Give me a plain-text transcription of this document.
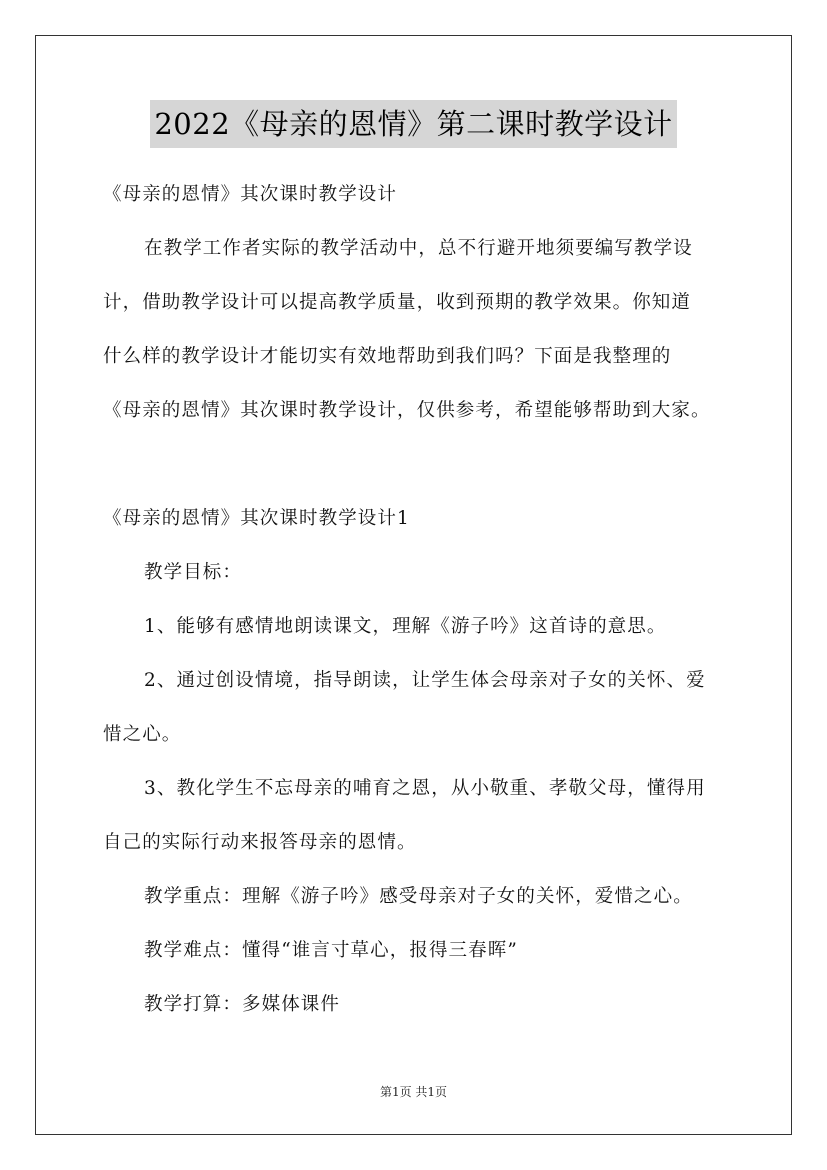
2022《母亲的恩情》第二课时教学设计
《母亲的恩情》其次课时教学设计
在教学工作者实际的教学活动中，总不行避开地须要编写教学设
计，借助教学设计可以提高教学质量，收到预期的教学效果。你知道
什么样的教学设计才能切实有效地帮助到我们吗？下面是我整理的
《母亲的恩情》其次课时教学设计，仅供参考，希望能够帮助到大家。
《母亲的恩情》其次课时教学设计1
教学目标：
1、能够有感情地朗读课文，理解《游子吟》这首诗的意思。
2、通过创设情境，指导朗读，让学生体会母亲对子女的关怀、爱
惜之心。
3、教化学生不忘母亲的哺育之恩，从小敬重、孝敬父母，懂得用
自己的实际行动来报答母亲的恩情。
教学重点：理解《游子吟》感受母亲对子女的关怀，爱惜之心。
教学难点：懂得“谁言寸草心，报得三春晖”
教学打算：多媒体课件
第1页 共1页
